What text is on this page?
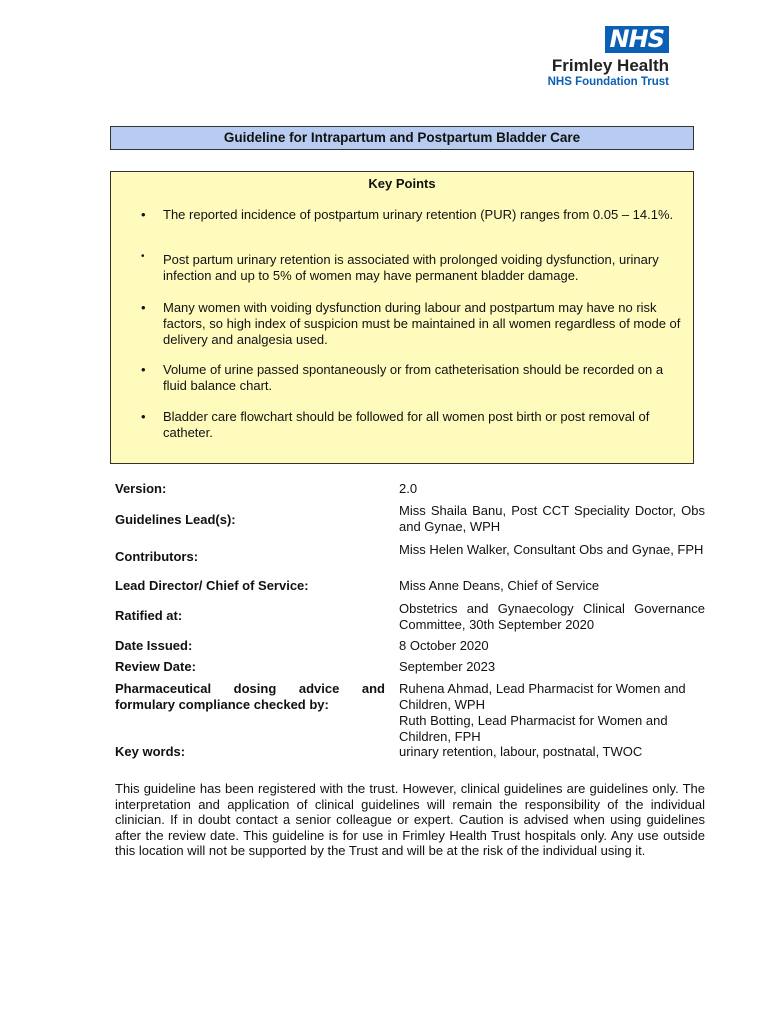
NHS
Frimley Health
NHS Foundation Trust
Guideline for Intrapartum and Postpartum Bladder Care
Key Points
• The reported incidence of postpartum urinary retention (PUR) ranges from 0.05 – 14.1%.
• Post partum urinary retention is associated with prolonged voiding dysfunction, urinary infection and up to 5% of women may have permanent bladder damage.
• Many women with voiding dysfunction during labour and postpartum may have no risk factors, so high index of suspicion must be maintained in all women regardless of mode of delivery and analgesia used.
• Volume of urine passed spontaneously or from catheterisation should be recorded on a fluid balance chart.
• Bladder care flowchart should be followed for all women post birth or post removal of catheter.
Version:	2.0
Guidelines Lead(s):
Miss Shaila Banu, Post CCT Speciality Doctor, Obs and Gynae, WPH
Contributors:	Miss Helen Walker, Consultant Obs and Gynae, FPH
Lead Director/ Chief of Service:	Miss Anne Deans, Chief of Service
Ratified at:	Obstetrics and Gynaecology Clinical Governance Committee, 30th September 2020
Date Issued:	8 October 2020
Review Date:	September 2023
Pharmaceutical dosing advice and formulary compliance checked by:
Ruhena Ahmad, Lead Pharmacist for Women and Children, WPH
Ruth Botting, Lead Pharmacist for Women and Children, FPH
Key words:	urinary retention, labour, postnatal, TWOC
This guideline has been registered with the trust. However, clinical guidelines are guidelines only. The interpretation and application of clinical guidelines will remain the responsibility of the individual clinician. If in doubt contact a senior colleague or expert. Caution is advised when using guidelines after the review date. This guideline is for use in Frimley Health Trust hospitals only. Any use outside this location will not be supported by the Trust and will be at the risk of the individual using it.
